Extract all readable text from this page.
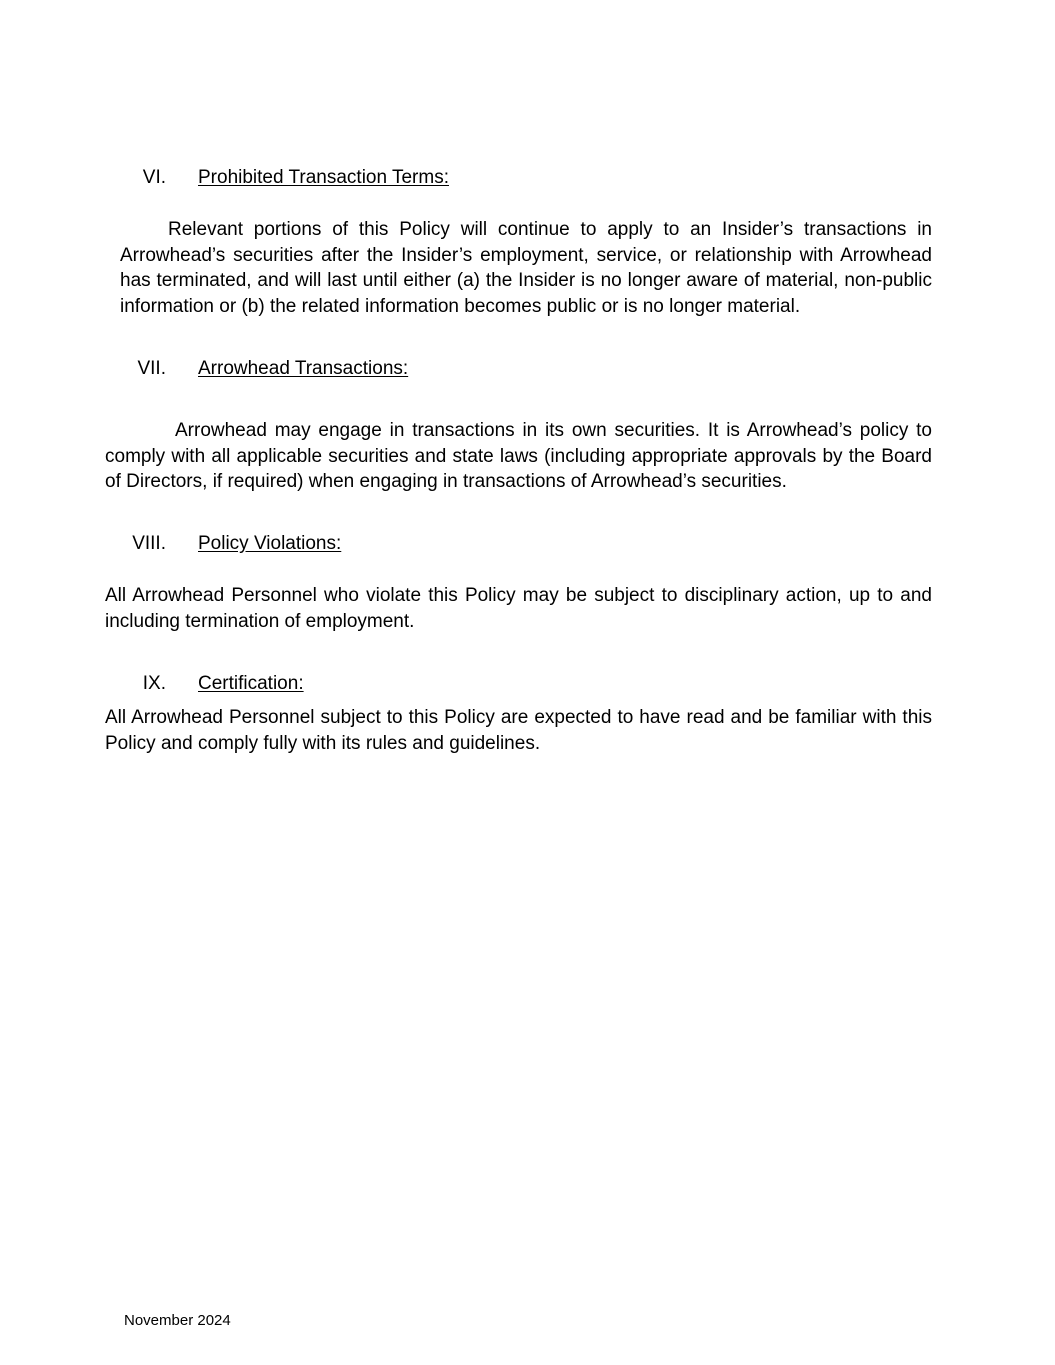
VI. Prohibited Transaction Terms:
Relevant portions of this Policy will continue to apply to an Insider’s transactions in Arrowhead’s securities after the Insider’s employment, service, or relationship with Arrowhead has terminated, and will last until either (a) the Insider is no longer aware of material, non-public information or (b) the related information becomes public or is no longer material.
VII. Arrowhead Transactions:
Arrowhead may engage in transactions in its own securities. It is Arrowhead’s policy to comply with all applicable securities and state laws (including appropriate approvals by the Board of Directors, if required) when engaging in transactions of Arrowhead’s securities.
VIII. Policy Violations:
All Arrowhead Personnel who violate this Policy may be subject to disciplinary action, up to and including termination of employment.
IX. Certification:
All Arrowhead Personnel subject to this Policy are expected to have read and be familiar with this Policy and comply fully with its rules and guidelines.
November 2024
